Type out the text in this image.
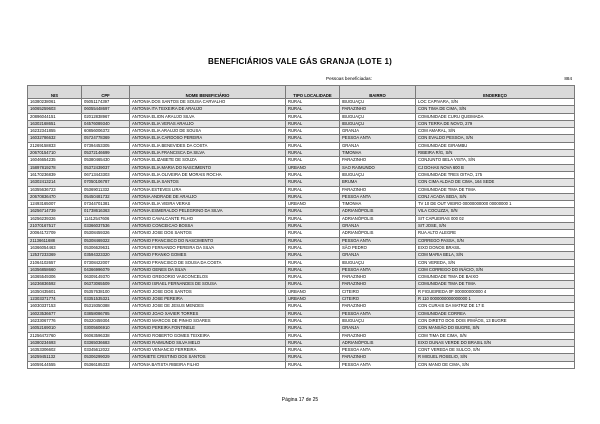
BENEFICIÁRIOS VALE GÁS GRANJA (LOTE 1)
Pessoas beneficiadas:	884
NIS	CPF	NOME BENEFICIÁRIO	TIPO LOCALIDADE	BAIRRO	ENDEREÇO
16380238061	05051174397	ANTONIA DOS SANTOS DE SOUSA CARVALHO	RURAL	IBUGUAÇU	LOC CAPIVARA, S/N
16065259603	06055448697	ANTONIA ITA TEIXEIRA DE ARAUJO	RURAL	PARAZINHO	CON TIMA DE CIMA, S/N
20896044151	02012838967	ANTONIA ELION ARAUJO SILVA	RURAL	IBUGUAÇU	COMUNIDADE CURU QUEIMADA
16302168651	04576089340	ANTONIA ELIA VERAS ARAUJO	RURAL	IBUGUAÇU	CON TERRA DE NOVO, 279
16232341855	60856006372	ANTONIA ELIA ARAUJO DE SOUSA	RURAL	GRANJA	COM AMARAL, S/N
16032786632	05724778369	ANTONIA ELIA CARDOSO PEREIRA	RURAL	PESSOA ANTA	CON EVALDO PESSOA, S/N
21269158833	07394453305	ANTONIA ELIA BENEVIDES DA COSTA	RURAL	GRANJA	COMUNIDADE GIRAMBU
20670154710	05372146699	ANTONIA ELIA FRANCISCA DA SILVA	RURAL	TIMONHA	RIBEIRA R/G, S/N
16046654235	05380465430	ANTONIA ELIZABETE DE SOUZA	RURAL	PARAZINHO	CONJUNTO BELA VISTA, S/N
15897819278	05372439037	ANTONIA ELIA MARIA DO NASCIMENTO	URBANO	SAO RAIMUNDO	CJ DOHAS NOVA 600 B
16170236839	06713443303	ANTONIA ELIA OLIVEIRA DE MORAIS ROCHA	RURAL	IBUGUAÇU	COMUNIDADE TRES OITAO, 175
16302413214	07050106787	ANTONIA ELIA SANTOS	RURAL	BRUMA	CON CIMA ALDAO DE CIMA, 164 SEDE
16355636723	05369011332	ANTONIA ESTEVES LIRA	RURAL	PARAZINHO	COMUNIDADE TIMA DE TIMA
20670836470	05450481732	ANTONIA ANDRADE DE ARAUJO	RURAL	PESSOA ANTA	CONJ ACADA SEDA, S/N
12493165007	07344701381	ANTONIA ELIA VIEIRA VERAS	URBANO	TIMONHA	TV 10 DE OUT VIEIRO 00000000000 00000000 1
16256714739	01738616363	ANTONIA ESMERALDO PELEGRINO DA SILVA	RURAL	ADRIANÓPOLIS	VILA COCUZZA, S/N
16256239326	11412547606	ANTONIO CAVALCANTE FILHO	RURAL	ADRIANÓPOLIS	SIT CAPUEIRAS 000 02
21070167517	03366037536	ANTONIO CONCEICAO BOSSA	RURAL	GRANJA	SIT JOSE, S/N
20064172709	05308459326	ANTONIO JOSE DOS SANTOS	RURAL	ADRIANÓPOLIS	RUA ALTO ALEGRE
21136611688	05308469322	ANTONIO FRANCISCO DO NASCIMENTO	RURAL	PESSOA ANTA	CORREGO PASSA, S/N
16366054463	05306629631	ANTONIO FERNANDO PEREIRA DA SILVA	RURAL	SÃO PEDRO	EIXO DONOS BRASIL
12537233369	03594323320	ANTONIO FRANKO GOMES	RURAL	GRANJA	COM MARIA BELA, S/N
21064102657	07308422007	ANTONIO FRANCISCO DE SOUSA DA COSTA	RURAL	IBUGUAÇU	CON VEREDA, S/N
16356858660	04366996079	ANTONIO GENES DA SILVA	RURAL	PESSOA ANTA	COM CORREGO DO INÁCIO, S/N
16365549306	06309149370	ANTONIO GREGORIO VASCONCELOS	RURAL	PARAZINHO	COMUNIDADE TIMA DE BAIXO
16236836592	06373065509	ANTONIO ISRAEL FERNANDES DE SOUSA	RURAL	PARAZINHO	COMUNIDADE TIMA DE TIMA
16350435601	05357638100	ANTONIO JOSE DOS SANTOS	URBANO	CITEIRO	R FIGUEIREDA 0F 000000000000 4
12303371774	03351535321	ANTONIO JOSE PEREIRA	URBANO	CITEIRO	R 110 0000000000000000 1
16030337153	05319350388	ANTONIO JOSE DE JESUS MENDES	RURAL	PARAZINHO	CON CURAIS DA MATRIZ DE 17 E
16023536677	03858086785	ANTONIO JOAO XAVIER TORRES	RURAL	PESSOA ANTA	COMUNIDADE CORREA
16233067776	05320459304	ANTONIO MARCOS DE PINHO SOARES	RURAL	IBUGUAÇU	CON DIRETO DOS DOIS IRMÃOS, 13 BUGRE
16052169010	03005606910	ANTONIO PEREIRA FONTINELE	RURAL	GRANJA	CON MANSÃO DO BUGRE, S/N
21256472760	06063596338	ANTONIO ROBERTO GOMES TEIXEIRA	RURAL	PARAZINHO	COM TIMA DE CIMA, S/N
16380234693	03365036683	ANTONIO RAIMUNDO SILVA MELO	RURAL	ADRIANÓPOLIS	EIXO DUNAS VERDE DO BRASIL S/N
16353306602	03345612022	ANTONIO VENANCIO FERREIRA	RURAL	PESSOA ANTA	CONT VEREDA DE SULCO, S/N
16259451132	05306299029	ANTONIETE CRISTINO DOS SANTOS	RURAL	PARAZINHO	R MIGUEL ROSELIO, S/N
16059144555	05366185333	ANTONIA BATISTA RIBEIRA FILHO	RURAL	PESSOA ANTA	CON MANO DE CIMA, S/N
Página 17 de 25
